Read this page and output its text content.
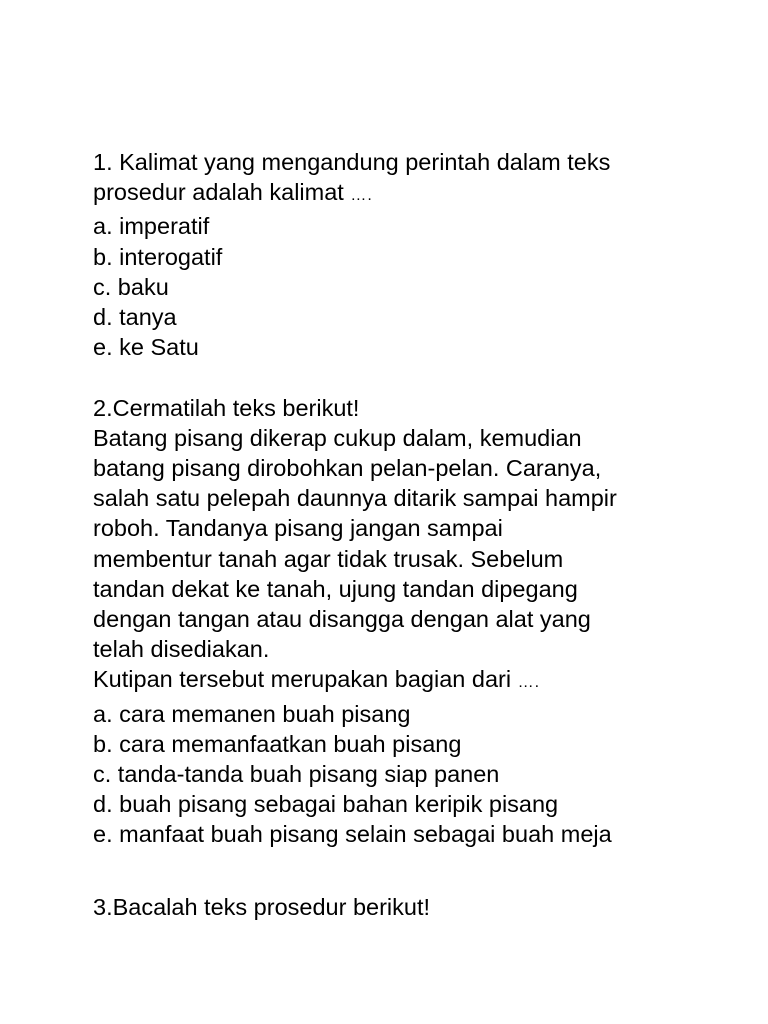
1. Kalimat yang mengandung perintah dalam teks

prosedur adalah kalimat ….

a. imperatif

b. interogatif

c. baku

d. tanya

e. ke Satu

2.Cermatilah teks berikut!

Batang pisang dikerap cukup dalam, kemudian

batang pisang dirobohkan pelan-pelan. Caranya,

salah satu pelepah daunnya ditarik sampai hampir

roboh. Tandanya pisang jangan sampai

membentur tanah agar tidak trusak. Sebelum

tandan dekat ke tanah, ujung tandan dipegang

dengan tangan atau disangga dengan alat yang

telah disediakan.

Kutipan tersebut merupakan bagian dari ….

a. cara memanen buah pisang

b. cara memanfaatkan buah pisang

c. tanda-tanda buah pisang siap panen

d. buah pisang sebagai bahan keripik pisang

e. manfaat buah pisang selain sebagai buah meja

3.Bacalah teks prosedur berikut!
